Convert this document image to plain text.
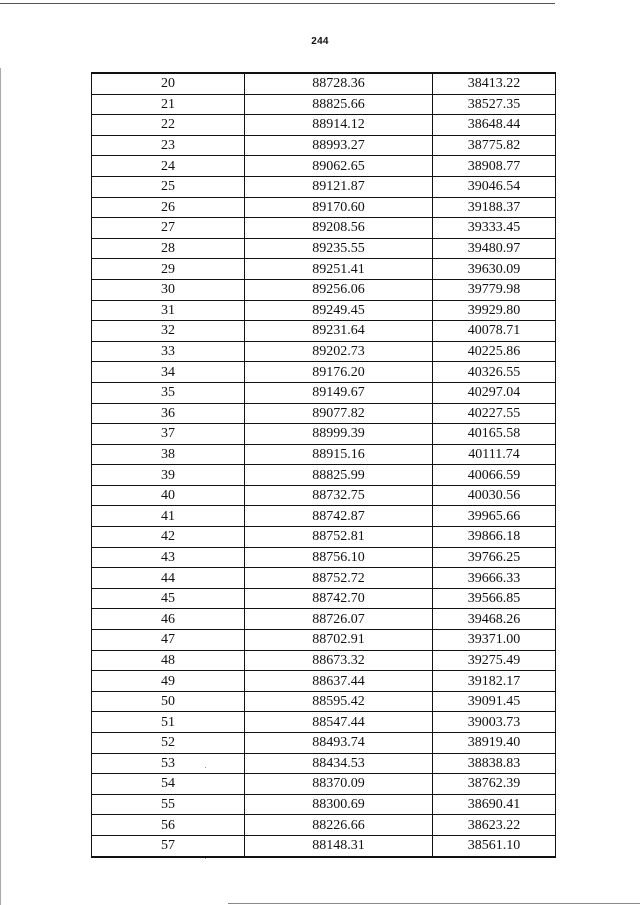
244
20	88728.36	38413.22
21	88825.66	38527.35
22	88914.12	38648.44
23	88993.27	38775.82
24	89062.65	38908.77
25	89121.87	39046.54
26	89170.60	39188.37
27	89208.56	39333.45
28	89235.55	39480.97
29	89251.41	39630.09
30	89256.06	39779.98
31	89249.45	39929.80
32	89231.64	40078.71
33	89202.73	40225.86
34	89176.20	40326.55
35	89149.67	40297.04
36	89077.82	40227.55
37	88999.39	40165.58
38	88915.16	40111.74
39	88825.99	40066.59
40	88732.75	40030.56
41	88742.87	39965.66
42	88752.81	39866.18
43	88756.10	39766.25
44	88752.72	39666.33
45	88742.70	39566.85
46	88726.07	39468.26
47	88702.91	39371.00
48	88673.32	39275.49
49	88637.44	39182.17
50	88595.42	39091.45
51	88547.44	39003.73
52	88493.74	38919.40
53	88434.53	38838.83
54	88370.09	38762.39
55	88300.69	38690.41
56	88226.66	38623.22
57	88148.31	38561.10
